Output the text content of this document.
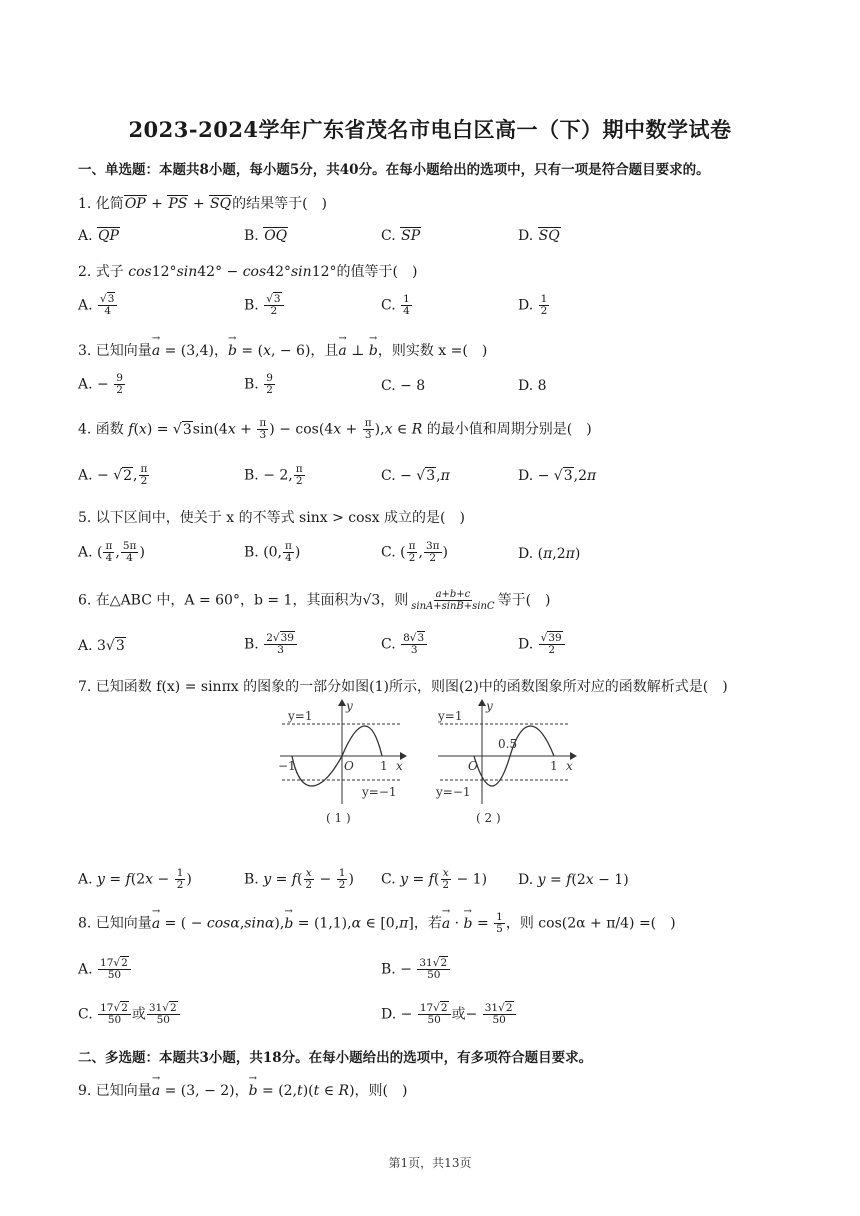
2023-2024学年广东省茂名市电白区高一（下）期中数学试卷
一、单选题：本题共8小题，每小题5分，共40分。在每小题给出的选项中，只有一项是符合题目要求的。
1. 化简OP + PS + SQ的结果等于(　)
A. QP	B. OQ	C. SP	D. SQ
2. 式子 cos12°sin42° − cos42°sin12°的值等于(　)
A. $\frac{√3}{4}$	B. $\frac{√3}{2}$	C. $\frac{1}{4}$	D. $\frac{1}{2}$
3. 已知向量→ a = (3,4)，→ b = (x, − 6)，且→ a ⊥ → b，则实数 x =(　)
A. − $\frac{9}{2}$	B. $\frac{9}{2}$	C. − 8	D. 8
4. 函数 $f(x) = √3\sin(4x + \frac{\pi}{3}$ ) − $\cos(4x + \frac{\pi}{3} ),x$ ∈ R 的最小值和周期分别是(　)
A. − √2, $\frac{\pi}{2}$	B. − 2, $\frac{\pi}{2}$	C. − √3,π	D. − √3,2π
5. 以下区间中，使关于 x 的不等式 sinx > cosx 成立的是(　)
A. ( $\frac{\pi}{4}$ , $\frac{5\pi}{4}$ )	B. (0, $\frac{\pi}{4}$ )	C. ( $\frac{\pi}{2}$ , $\frac{3\pi}{2}$ )	D. (π,2π)
6. 在△ABC 中，A = 60°，b = 1，其面积为√3，则 $\frac{a+b+c}{\sin A+\sin B+\sin C}$ 等于(　)
A. 3√3	B. $\frac{2√39}{3}$	C. $\frac{8√3}{3}$	D. $\frac{√39}{2}$
7. 已知函数 f(x) = sinπx 的图象的一部分如图(1)所示，则图(2)中的函数图象所对应的函数解析式是(　)
y=1
y
−1	O 1 x
y=−1
( 1 )
y=1
y
0.5
O	1 x
y=−1
( 2 )
A. $y = f(2x - \frac{1}{2}$ )	B. $y = f( \frac{x}{2} - \frac{1}{2}$ ) C. $y = f( \frac{x}{2} - 1)$ D. y = f(2x − 1)
8. 已知向量→ a = ( − cosα,sinα),→ b = (1,1),α ∈ [0,π]，若→ a · → $b = \frac{1}{5}$ ，则 cos(2α + π/4) =(　)
A. $\frac{17√2}{50}$	B. − $\frac{31√2}{50}$
C. $\frac{17√2}{50}$ 或 $\frac{31√2}{50}$	D. − $\frac{17√2}{50}$ 或− $\frac{31√2}{50}$
二、多选题：本题共3小题，共18分。在每小题给出的选项中，有多项符合题目要求。
9. 已知向量→ a = (3, − 2)，→ b = (2,t)(t ∈ R)，则(　)
第1页，共13页
